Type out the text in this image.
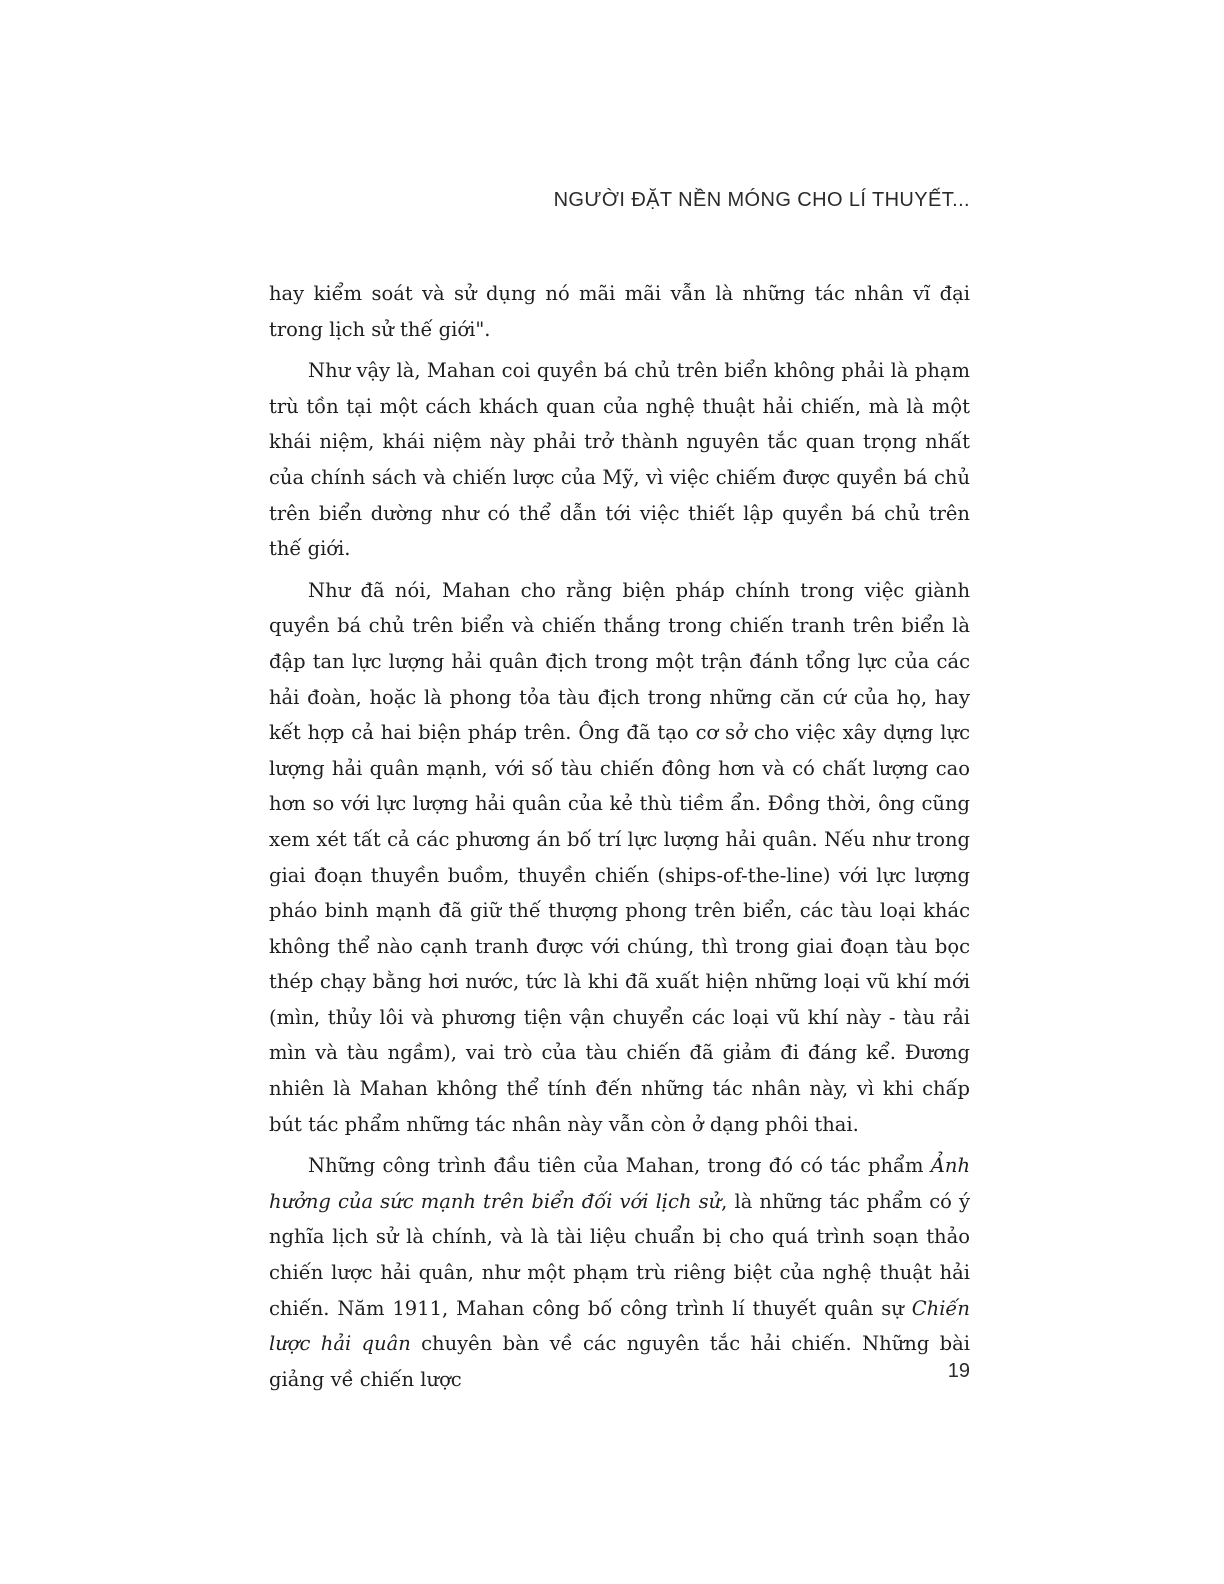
NGƯỜI ĐẶT NỀN MÓNG CHO LÍ THUYẾT...

hay kiểm soát và sử dụng nó mãi mãi vẫn là những tác nhân vĩ đại trong lịch sử thế giới".

Như vậy là, Mahan coi quyền bá chủ trên biển không phải là phạm trù tồn tại một cách khách quan của nghệ thuật hải chiến, mà là một khái niệm, khái niệm này phải trở thành nguyên tắc quan trọng nhất của chính sách và chiến lược của Mỹ, vì việc chiếm được quyền bá chủ trên biển dường như có thể dẫn tới việc thiết lập quyền bá chủ trên thế giới.

Như đã nói, Mahan cho rằng biện pháp chính trong việc giành quyền bá chủ trên biển và chiến thắng trong chiến tranh trên biển là đập tan lực lượng hải quân địch trong một trận đánh tổng lực của các hải đoàn, hoặc là phong tỏa tàu địch trong những căn cứ của họ, hay kết hợp cả hai biện pháp trên. Ông đã tạo cơ sở cho việc xây dựng lực lượng hải quân mạnh, với số tàu chiến đông hơn và có chất lượng cao hơn so với lực lượng hải quân của kẻ thù tiềm ẩn. Đồng thời, ông cũng xem xét tất cả các phương án bố trí lực lượng hải quân. Nếu như trong giai đoạn thuyền buồm, thuyền chiến (ships-of-the-line) với lực lượng pháo binh mạnh đã giữ thế thượng phong trên biển, các tàu loại khác không thể nào cạnh tranh được với chúng, thì trong giai đoạn tàu bọc thép chạy bằng hơi nước, tức là khi đã xuất hiện những loại vũ khí mới (mìn, thủy lôi và phương tiện vận chuyển các loại vũ khí này - tàu rải mìn và tàu ngầm), vai trò của tàu chiến đã giảm đi đáng kể. Đương nhiên là Mahan không thể tính đến những tác nhân này, vì khi chấp bút tác phẩm những tác nhân này vẫn còn ở dạng phôi thai.

Những công trình đầu tiên của Mahan, trong đó có tác phẩm Ảnh hưởng của sức mạnh trên biển đối với lịch sử, là những tác phẩm có ý nghĩa lịch sử là chính, và là tài liệu chuẩn bị cho quá trình soạn thảo chiến lược hải quân, như một phạm trù riêng biệt của nghệ thuật hải chiến. Năm 1911, Mahan công bố công trình lí thuyết quân sự Chiến lược hải quân chuyên bàn về các nguyên tắc hải chiến. Những bài giảng về chiến lược	19
